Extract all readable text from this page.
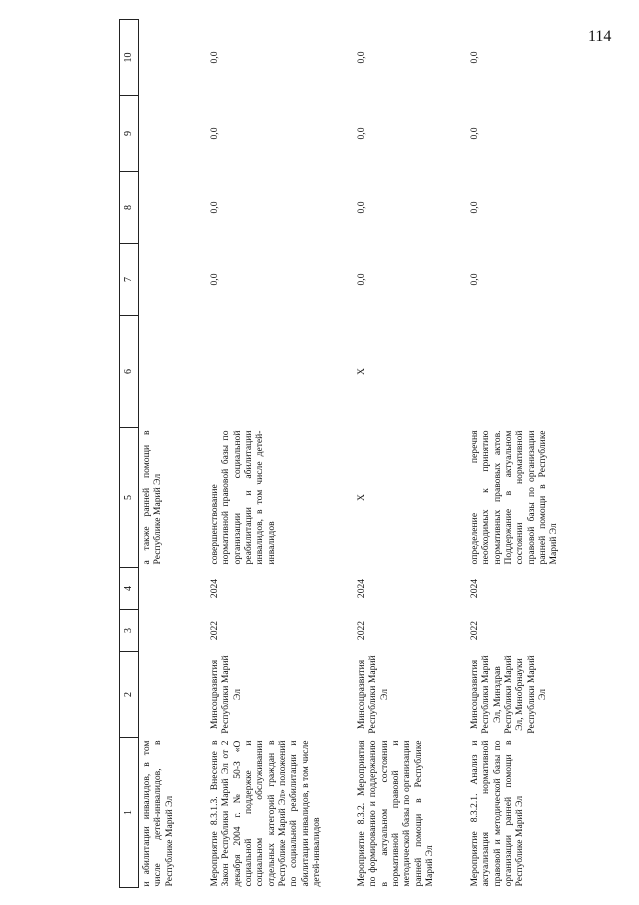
114
1	2	3	4	5	6	7	8	9	10
и абилитации инвалидов, в том числе детей-инвалидов, в Республике Марий Эл				а также ранней помощи в Республике Марий Эл					
Мероприятие 8.3.1.3. Внесение в Закон Республики Марий Эл от 2 декабря 2004 г. № 50-З «О социальной поддержке и социальном обслуживании отдельных категорий граждан в Республике Марий Эл» положений по социальной реабилитации и абилитации инвалидов, в том числе детей-инвалидов	Минсоцразвития Республики Марий Эл	2022	2024	совершенствование нормативной правовой базы по организации социальной реабилитации и абилитации инвалидов, в том числе детей-инвалидов		0,0	0,0	0,0	0,0
Мероприятие 8.3.2. Мероприятия по формированию и поддержанию в актуальном состоянии нормативной правовой и методической базы по организации ранней помощи в Республике Марий Эл	Минсоцразвития Республики Марий Эл	2022	2024	Х	Х	0,0	0,0	0,0	0,0
Мероприятие 8.3.2.1. Анализ и актуализация нормативной правовой и методической базы по организации ранней помощи в Республике Марий Эл	Минсоцразвития Республики Марий Эл, Минздрав Республики Марий Эл, Минобрнауки Республики Марий Эл	2022	2024	определение перечня необходимых к принятию нормативных правовых актов. Поддержание в актуальном состоянии нормативной правовой базы по организации ранней помощи в Республике Марий Эл		0,0	0,0	0,0	0,0
